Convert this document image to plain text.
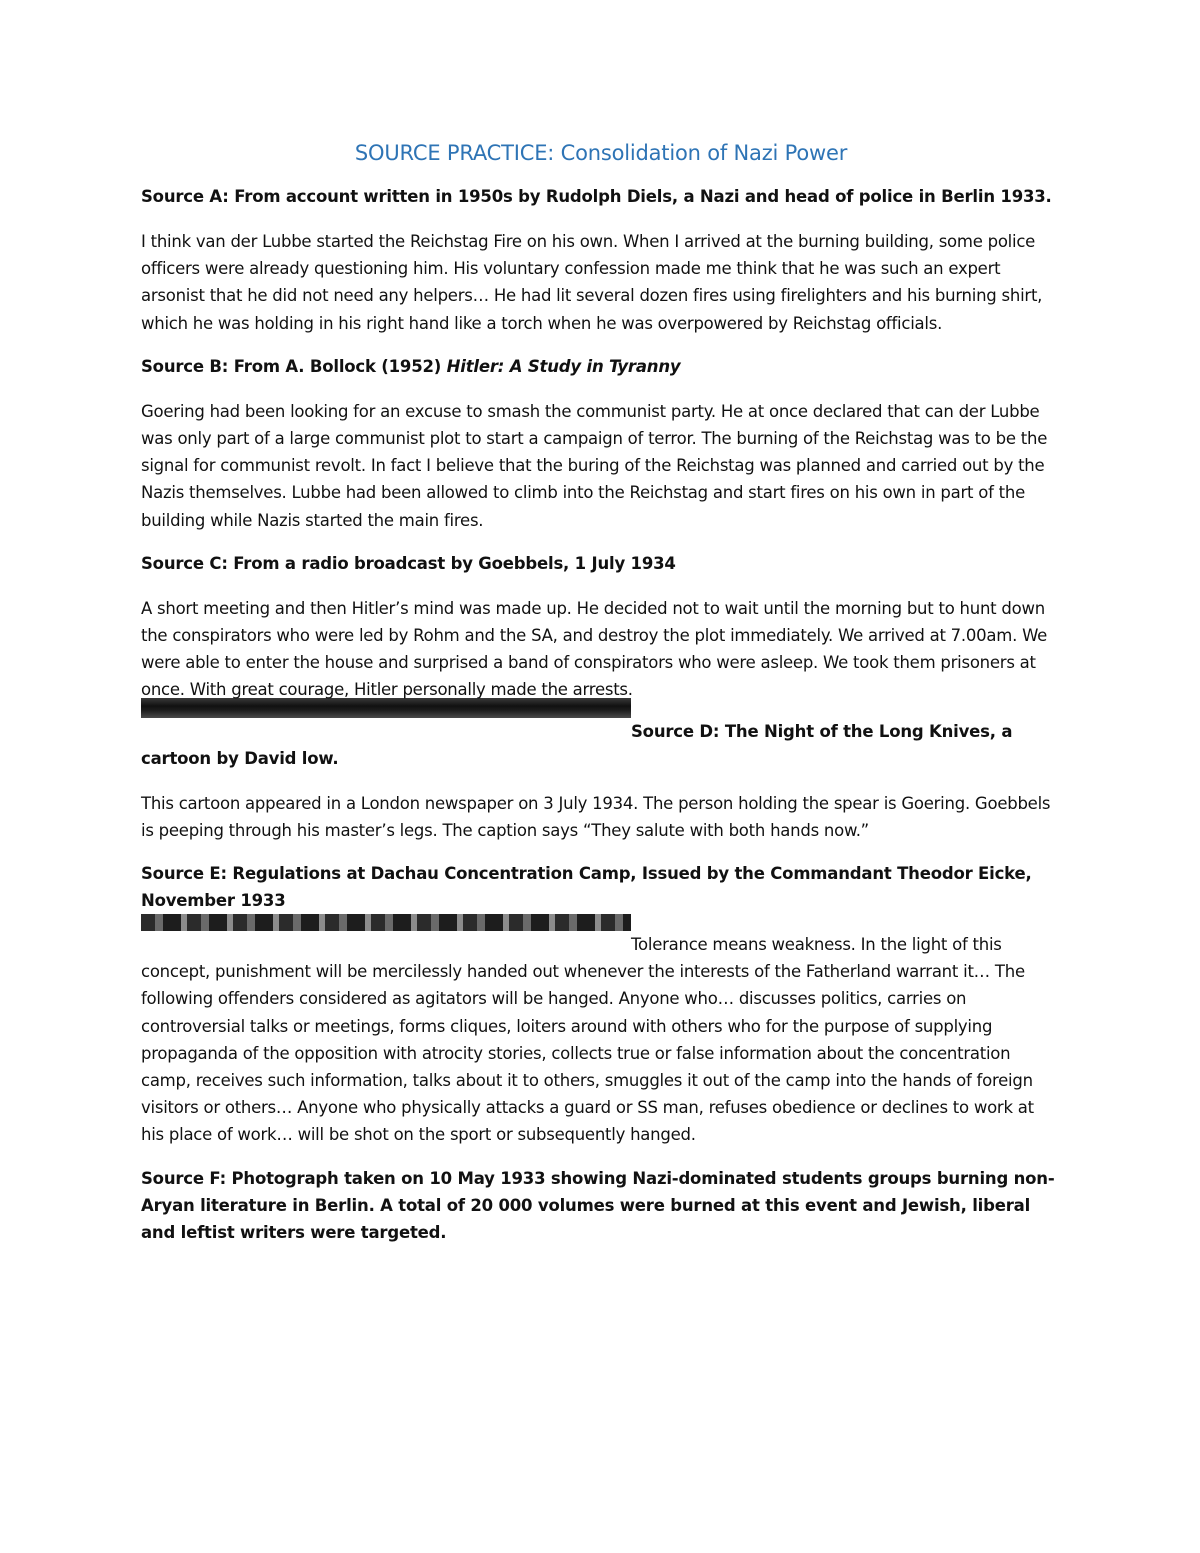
SOURCE PRACTICE: Consolidation of Nazi Power
Source A: From account written in 1950s by Rudolph Diels, a Nazi and head of police in Berlin 1933.

I think van der Lubbe started the Reichstag Fire on his own. When I arrived at the burning building, some police officers were already questioning him. His voluntary confession made me think that he was such an expert arsonist that he did not need any helpers… He had lit several dozen fires using firelighters and his burning shirt, which he was holding in his right hand like a torch when he was overpowered by Reichstag officials.

Source B: From A. Bollock (1952) Hitler: A Study in Tyranny

Goering had been looking for an excuse to smash the communist party. He at once declared that can der Lubbe was only part of a large communist plot to start a campaign of terror. The burning of the Reichstag was to be the signal for communist revolt. In fact I believe that the buring of the Reichstag was planned and carried out by the Nazis themselves. Lubbe had been allowed to climb into the Reichstag and start fires on his own in part of the building while Nazis started the main fires.

Source C: From a radio broadcast by Goebbels, 1 July 1934

A short meeting and then Hitler’s mind was made up. He decided not to wait until the morning but to hunt down the conspirators who were led by Rohm and the SA, and destroy the plot immediately. We arrived at 7.00am. We were able to enter the house and surprised a band of conspirators who were asleep. We took them prisoners at once. With great courage, Hitler personally made the arrests.

Source D: The Night of the Long Knives, a
cartoon by David low.

This cartoon appeared in a London newspaper on 3 July 1934. The person holding the spear is Goering. Goebbels is peeping through his master’s legs. The caption says “They salute with both hands now.”

Source E: Regulations at Dachau Concentration Camp, Issued by the Commandant Theodor Eicke, November 1933

Tolerance means weakness. In the light of this
concept, punishment will be mercilessly handed out whenever the interests of the Fatherland warrant it… The following offenders considered as agitators will be hanged. Anyone who… discusses politics, carries on controversial talks or meetings, forms cliques, loiters around with others who for the purpose of supplying propaganda of the opposition with atrocity stories, collects true or false information about the concentration camp, receives such information, talks about it to others, smuggles it out of the camp into the hands of foreign visitors or others… Anyone who physically attacks a guard or SS man, refuses obedience or declines to work at his place of work… will be shot on the sport or subsequently hanged.

Source F: Photograph taken on 10 May 1933 showing Nazi-dominated students groups burning non-Aryan literature in Berlin. A total of 20 000 volumes were burned at this event and Jewish, liberal and leftist writers were targeted.
